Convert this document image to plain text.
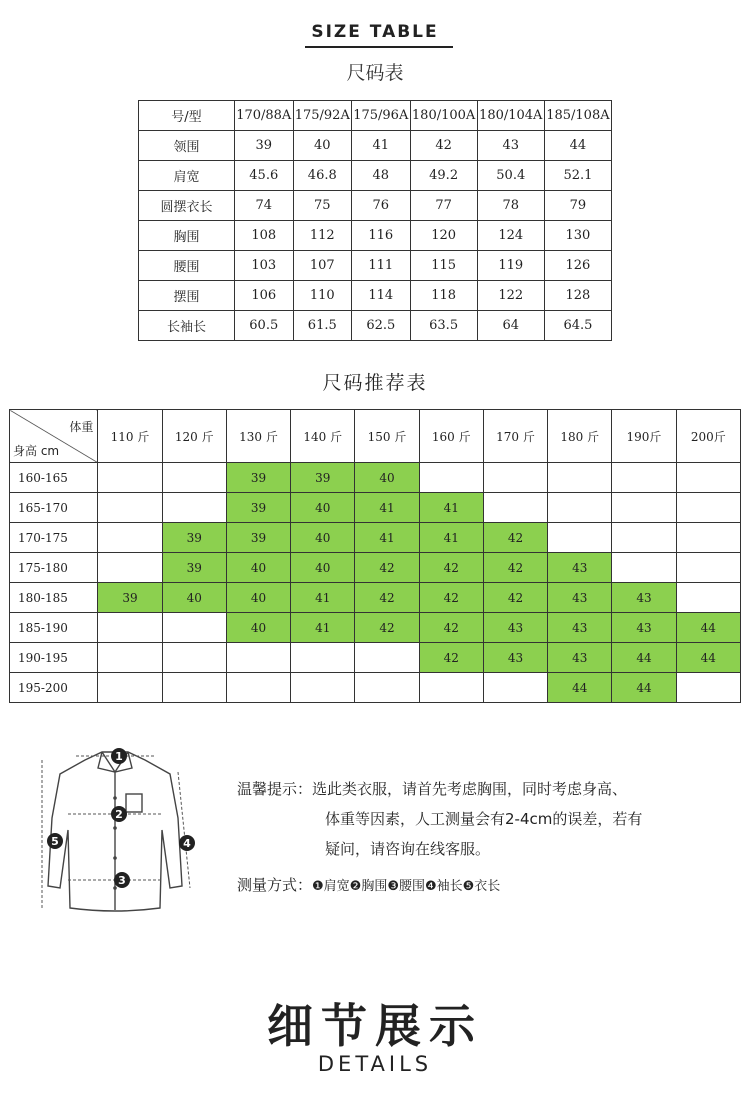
SIZE TABLE
尺码表
号/型	170/88A	175/92A	175/96A	180/100A	180/104A	185/108A
领围	39	40	41	42	43	44
肩宽	45.6	46.8	48	49.2	50.4	52.1
圆摆衣长	74	75	76	77	78	79
胸围	108	112	116	120	124	130
腰围	103	107	111	115	119	126
摆围	106	110	114	118	122	128
长袖长	60.5	61.5	62.5	63.5	64	64.5
尺码推荐表
体重
身高 cm	110 斤	120 斤	130 斤	140 斤	150 斤	160 斤	170 斤	180 斤	190斤	200斤
160-165			39	39	40					
165-170			39	40	41	41				
170-175		39	39	40	41	41	42			
175-180		39	40	40	42	42	42	43		
180-185	39	40	40	41	42	42	42	43	43	
185-190			40	41	42	42	43	43	43	44
190-195						42	43	43	44	44
195-200								44	44	
1
2
3
4
5
温馨提示：选此类衣服，请首先考虑胸围，同时考虑身高、
体重等因素，人工测量会有2-4cm的误差，若有
疑问，请咨询在线客服。
测量方式：❶肩宽❷胸围❸腰围❹袖长❺衣长
细节展示
DETAILS
